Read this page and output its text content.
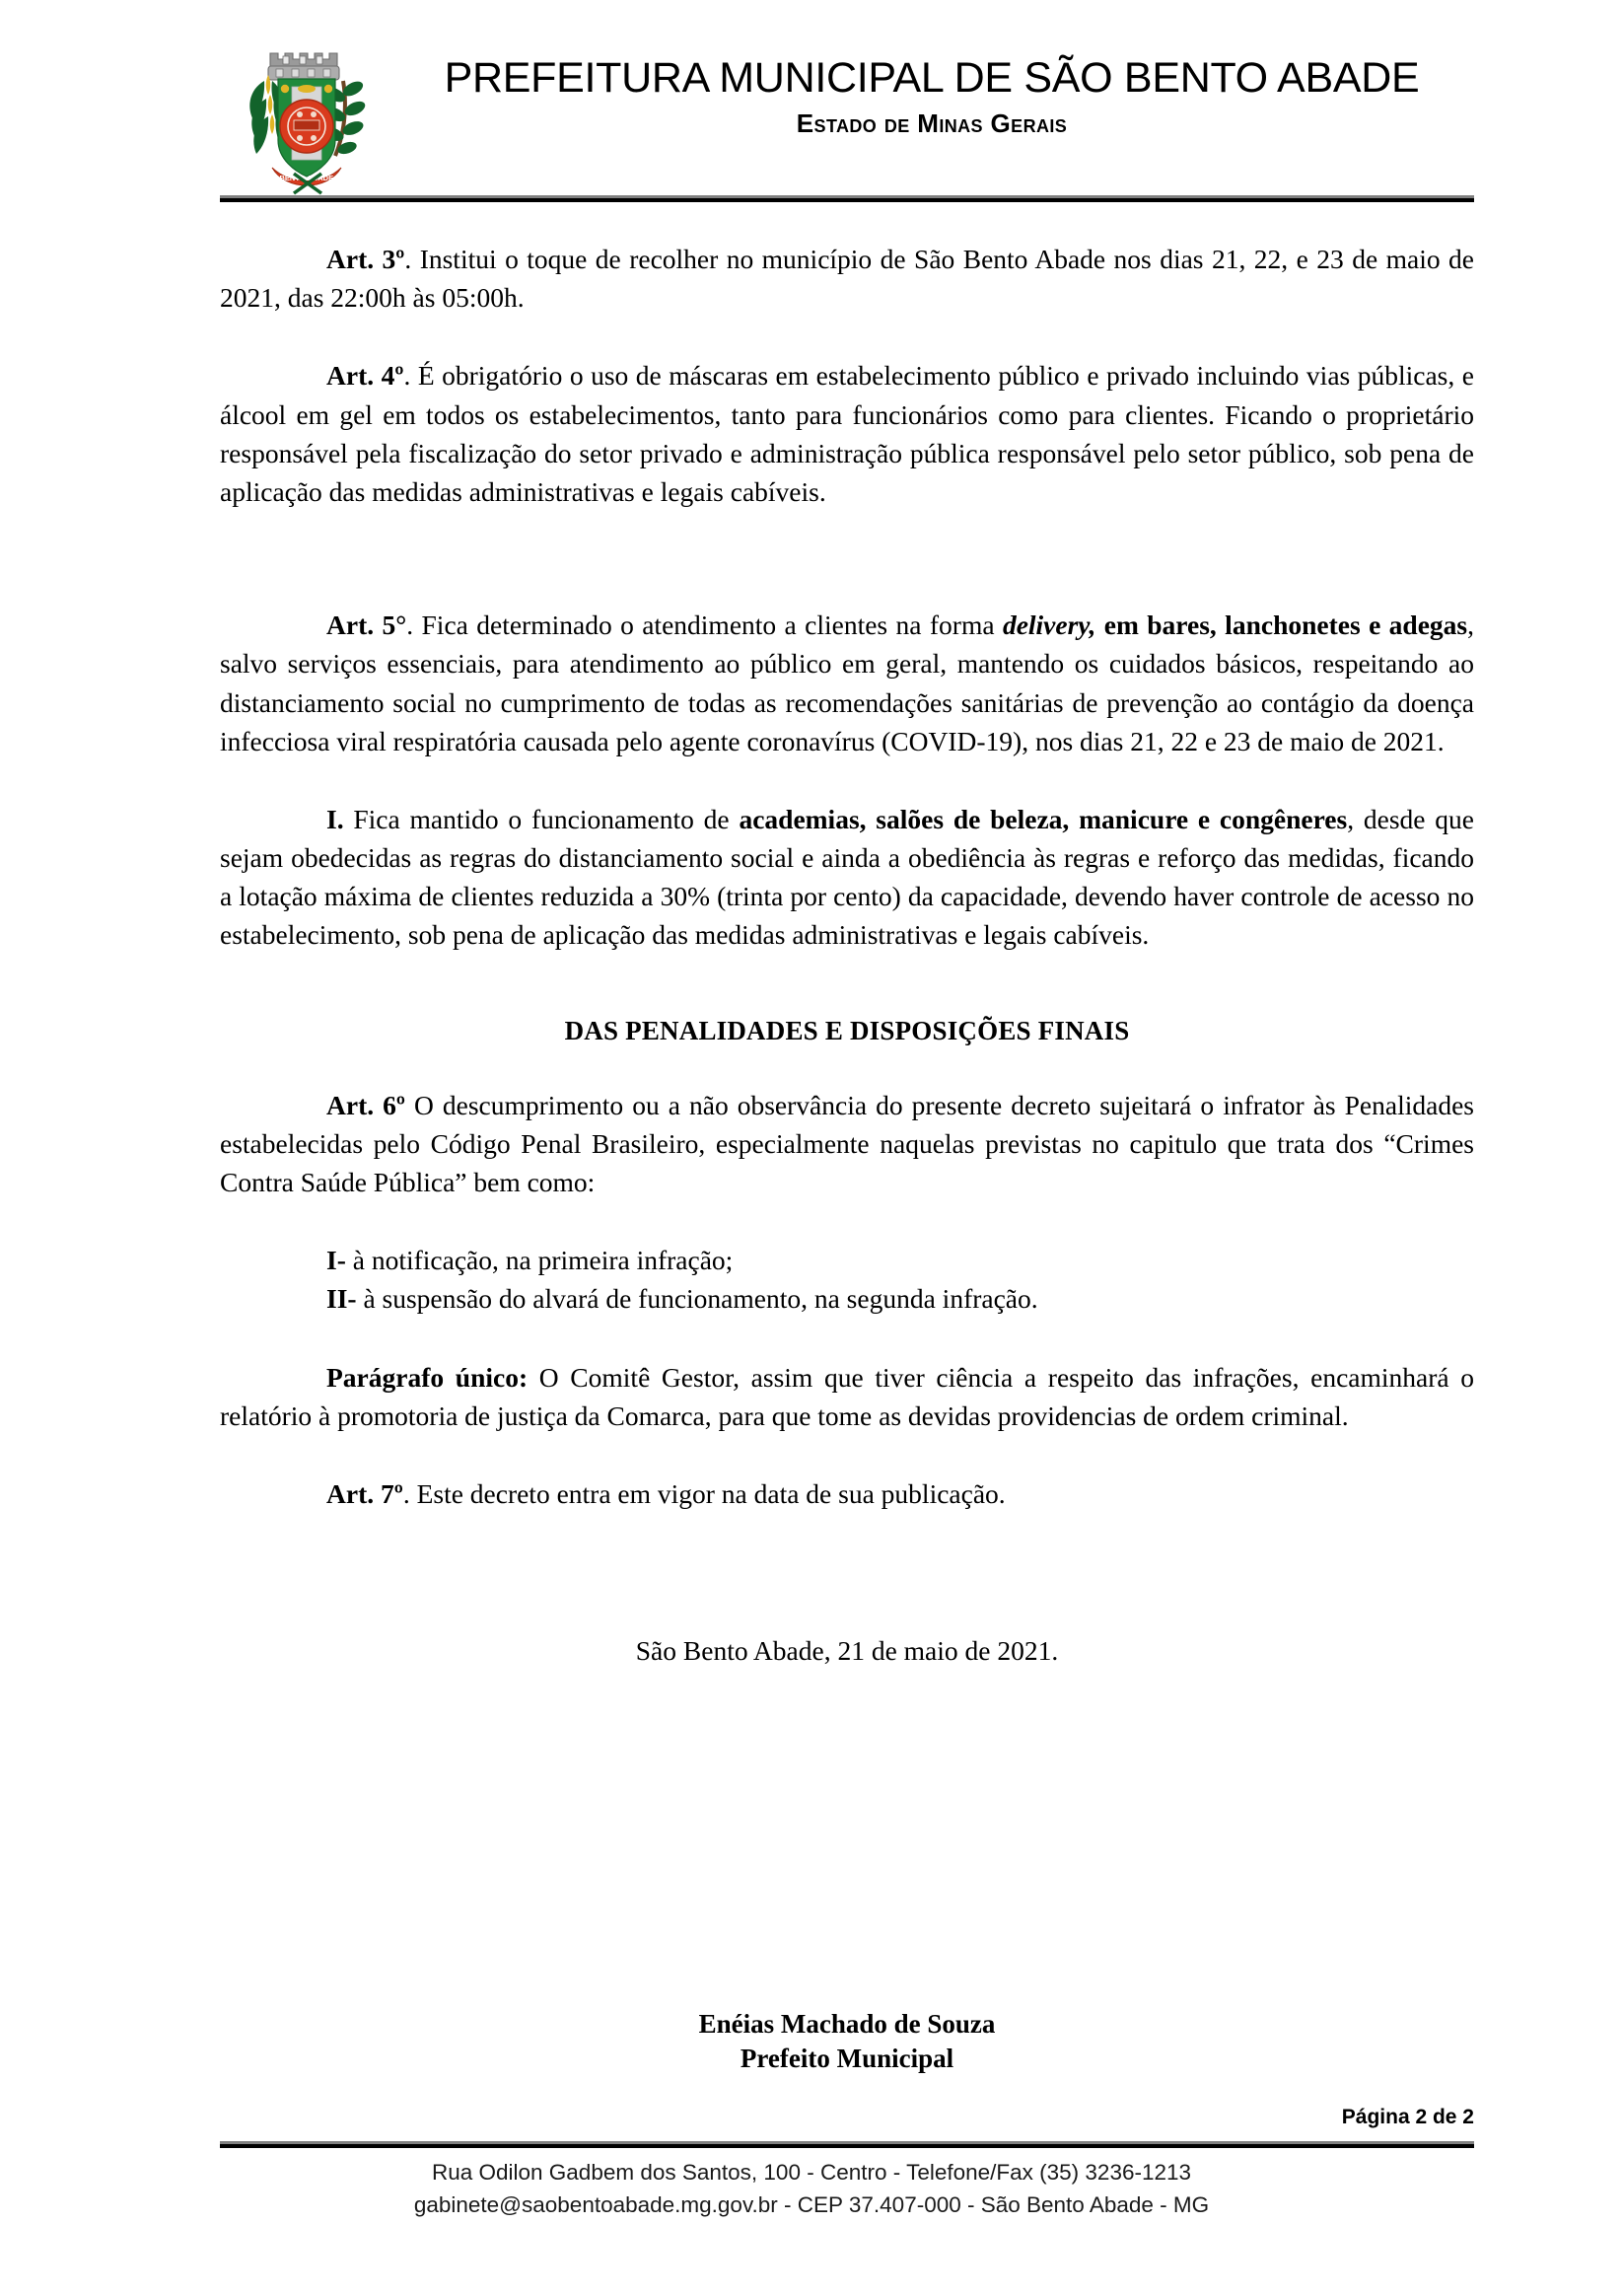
SÃO BENTO ABADE - MG
PREFEITURA MUNICIPAL DE SÃO BENTO ABADE
Estado de Minas Gerais

Art. 3º. Institui o toque de recolher no município de São Bento Abade nos dias 21, 22, e 23 de maio de 2021, das 22:00h às 05:00h.

Art. 4º. É obrigatório o uso de máscaras em estabelecimento público e privado incluindo vias públicas, e álcool em gel em todos os estabelecimentos, tanto para funcionários como para clientes. Ficando o proprietário responsável pela fiscalização do setor privado e administração pública responsável pelo setor público, sob pena de aplicação das medidas administrativas e legais cabíveis.

Art. 5°. Fica determinado o atendimento a clientes na forma delivery, em bares, lanchonetes e adegas, salvo serviços essenciais, para atendimento ao público em geral, mantendo os cuidados básicos, respeitando ao distanciamento social no cumprimento de todas as recomendações sanitárias de prevenção ao contágio da doença infecciosa viral respiratória causada pelo agente coronavírus (COVID-19), nos dias 21, 22 e 23 de maio de 2021.

I. Fica mantido o funcionamento de academias, salões de beleza, manicure e congêneres, desde que sejam obedecidas as regras do distanciamento social e ainda a obediência às regras e reforço das medidas, ficando a lotação máxima de clientes reduzida a 30% (trinta por cento) da capacidade, devendo haver controle de acesso no estabelecimento, sob pena de aplicação das medidas administrativas e legais cabíveis.

DAS PENALIDADES E DISPOSIÇÕES FINAIS

Art. 6º O descumprimento ou a não observância do presente decreto sujeitará o infrator às Penalidades estabelecidas pelo Código Penal Brasileiro, especialmente naquelas previstas no capitulo que trata dos “Crimes Contra Saúde Pública” bem como:

I- à notificação, na primeira infração;

II- à suspensão do alvará de funcionamento, na segunda infração.

Parágrafo único: O Comitê Gestor, assim que tiver ciência a respeito das infrações, encaminhará o relatório à promotoria de justiça da Comarca, para que tome as devidas providencias de ordem criminal.

Art. 7º. Este decreto entra em vigor na data de sua publicação.

São Bento Abade, 21 de maio de 2021.

Enéias Machado de Souza
Prefeito Municipal
Página 2 de 2
Rua Odilon Gadbem dos Santos, 100 - Centro - Telefone/Fax (35) 3236-1213
gabinete@saobentoabade.mg.gov.br - CEP 37.407-000 - São Bento Abade - MG
